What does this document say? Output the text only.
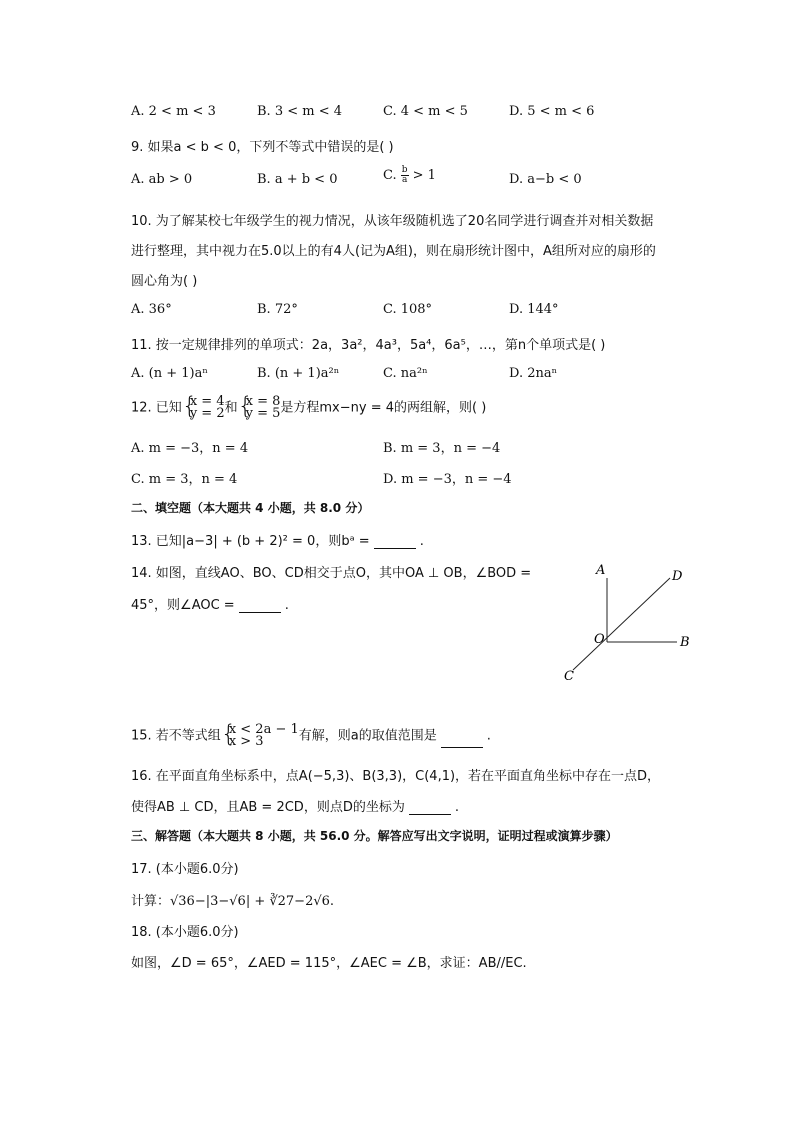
A. 2 < m < 3	B. 3 < m < 4	C. 4 < m < 5	D. 5 < m < 6
9. 如果a < b < 0，下列不等式中错误的是( )
A. ab > 0	B. a + b < 0	C. $\frac{b}{a} > 1$	D. a−b < 0
10. 为了解某校七年级学生的视力情况，从该年级随机选了20名同学进行调查并对相关数据
进行整理，其中视力在5.0以上的有4人(记为A组)，则在扇形统计图中，A组所对应的扇形的
圆心角为( )
A. 36°	B. 72°	C. 108°	D. 144°
11. 按一定规律排列的单项式：2a，3a²，4a³，5a⁴，6a⁵，…，第n个单项式是( )
A. (n + 1)aⁿ	B. (n + 1)a²ⁿ	C. na²ⁿ	D. 2naⁿ
12. 已知 { x = 4
y = 2 和 { x = 8
y = 5 是方程mx−ny = 4的两组解，则( )
A. m = −3，n = 4	B. m = 3，n = −4
C. m = 3，n = 4	D. m = −3，n = −4
二、填空题（本大题共 4 小题，共 8.0 分）
13. 已知|a−3| + (b + 2)² = 0，则bᵃ =	.
14. 如图，直线AO、BO、CD相交于点O，其中OA ⊥ OB，∠BOD =
45°，则∠AOC =	.
A	D
O	B
C
15. 若不等式组 { x < 2a − 1
x > 3	有解，则a的取值范围是	.
16. 在平面直角坐标系中，点A(−5,3)、B(3,3)，C(4,1)，若在平面直角坐标中存在一点D，
使得AB ⊥ CD，且AB = 2CD，则点D的坐标为	.
三、解答题（本大题共 8 小题，共 56.0 分。解答应写出文字说明，证明过程或演算步骤）
17. (本小题6.0分)
计算：√36−|3−√6| + ∛27−2√6.
18. (本小题6.0分)
如图，∠D = 65°，∠AED = 115°，∠AEC = ∠B，求证：AB//EC.
